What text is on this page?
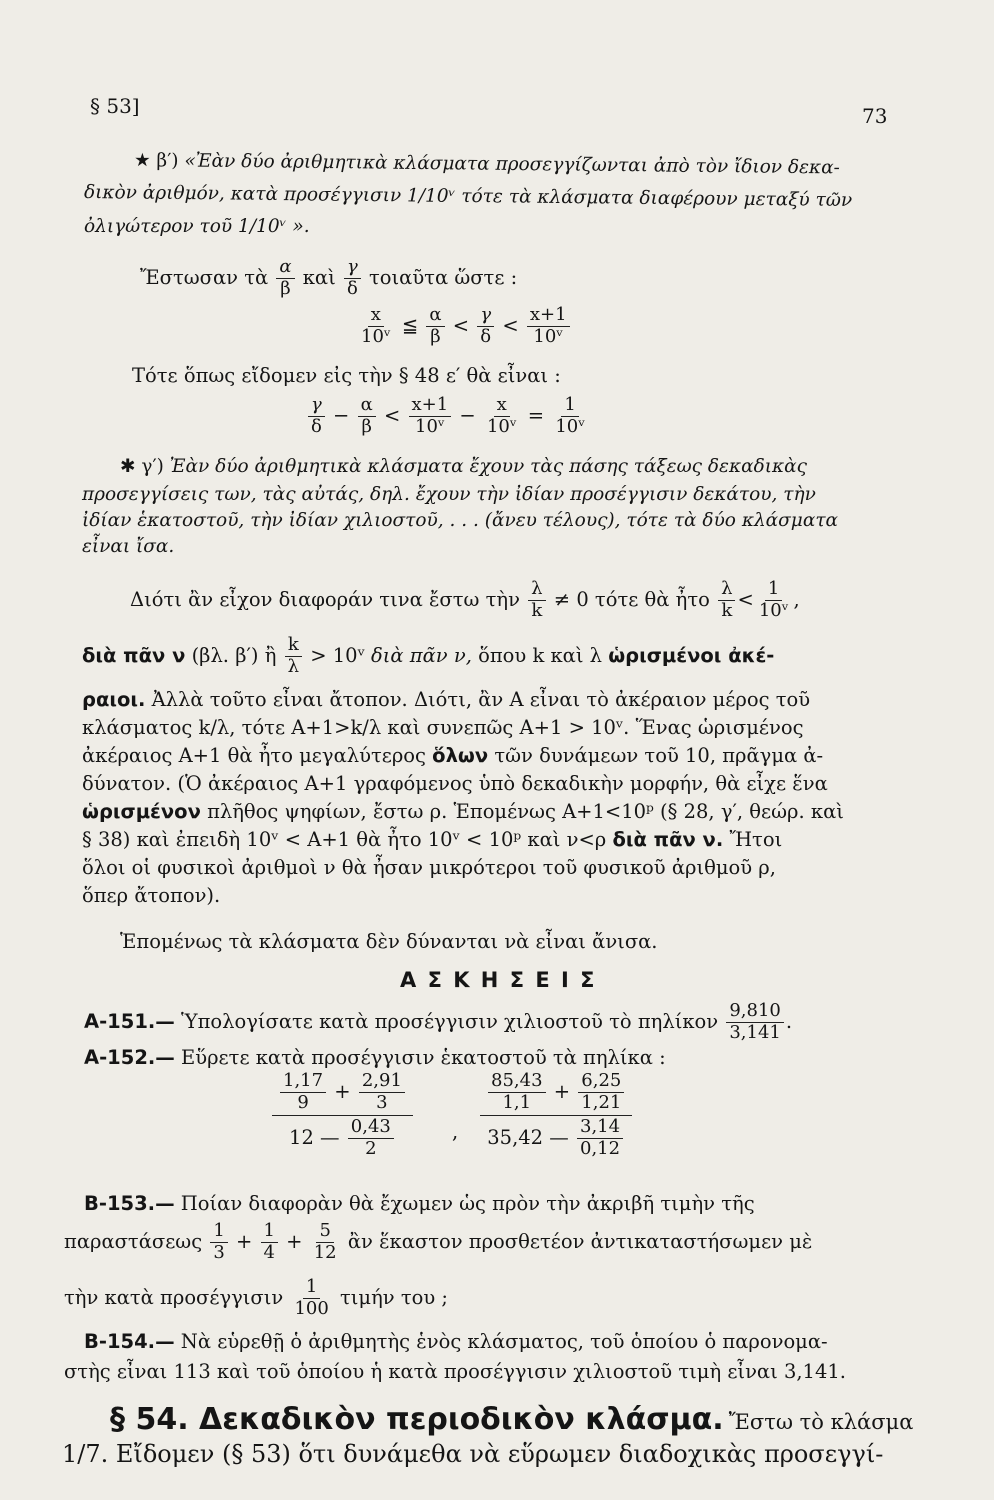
§ 53]	73
★ β′) «Ἐὰν δύο ἀριθμητικὰ κλάσματα προσεγγίζωνται ἀπὸ τὸν ἴδιον δεκα-
δικὸν ἀριθμόν, κατὰ προσέγγισιν 1/10ᵛ τότε τὰ κλάσματα διαφέρουν μεταξύ τῶν
ὀλιγώτερον τοῦ 1/10ᵛ ».
Ἔστωσαν τὰ $\frac{\alpha}{\beta}$ καὶ $\frac{\gamma}{\delta}$ τοιαῦτα ὥστε :
$\frac{x}{\text{10ᵛ}}$ ≦ $\frac{\alpha}{\beta} < \frac{\gamma}{\delta} < \frac{x+1}{\text{10ᵛ}}$
Τότε ὅπως εἴδομεν εἰς τὴν § 48 ε′ θὰ εἶναι :
$\frac{\gamma}{\delta} - \frac{\alpha}{\beta} < \frac{x+1}{\text{10ᵛ}} - \frac{x}{\text{10ᵛ}} = \frac{1}{\text{10ᵛ}}$
✱ γ′) Ἐὰν δύο ἀριθμητικὰ κλάσματα ἔχουν τὰς πάσης τάξεως δεκαδικὰς
προσεγγίσεις των, τὰς αὐτάς, δηλ. ἔχουν τὴν ἰδίαν προσέγγισιν δεκάτου, τὴν
ἰδίαν ἑκατοστοῦ, τὴν ἰδίαν χιλιοστοῦ, . . . (ἄνευ τέλους), τότε τὰ δύο κλάσματα
εἶναι ἴσα.
Διότι ἂν εἶχον διαφοράν τινα ἔστω τὴν $\frac{\lambda}{k} \ne 0$ τότε θὰ ἦτο $\frac{\lambda}{k} < \frac{1}{\text{10ᵛ}}$ ,
διὰ πᾶν ν (βλ. β′) ἢ $\frac{k}{\lambda}$ > 10ᵛ διὰ πᾶν ν, ὅπου k καὶ λ ὡρισμένοι ἀκέ-
ραιοι. Ἀλλὰ τοῦτο εἶναι ἄτοπον. Διότι, ἂν Α εἶναι τὸ ἀκέραιον μέρος τοῦ
κλάσματος k/λ, τότε Α+1>k/λ καὶ συνεπῶς Α+1 > 10ᵛ. Ἕνας ὡρισμένος
ἀκέραιος Α+1 θὰ ἦτο μεγαλύτερος ὅλων τῶν δυνάμεων τοῦ 10, πρᾶγμα ἀ-
δύνατον. (Ὁ ἀκέραιος Α+1 γραφόμενος ὑπὸ δεκαδικὴν μορφήν, θὰ εἶχε ἕνα
ὡρισμένον πλῆθος ψηφίων, ἔστω ρ. Ἑπομένως Α+1<10ᵖ (§ 28, γ′, θεώρ. καὶ
§ 38) καὶ ἐπειδὴ 10ᵛ < Α+1 θὰ ἦτο 10ᵛ < 10ᵖ καὶ ν<ρ διὰ πᾶν ν. Ἤτοι
ὅλοι οἱ φυσικοὶ ἀριθμοὶ ν θὰ ἦσαν μικρότεροι τοῦ φυσικοῦ ἀριθμοῦ ρ,
ὅπερ ἄτοπον).
Ἑπομένως τὰ κλάσματα δὲν δύνανται νὰ εἶναι ἄνισα.
Α Σ Κ Η Σ Ε Ι Σ
Α-151.— Ὑπολογίσατε κατὰ προσέγγισιν χιλιοστοῦ τὸ πηλίκον $\frac{9,810}{3,141}$ .
Α-152.— Εὕρετε κατὰ προσέγγισιν ἑκατοστοῦ τὰ πηλίκα :
$\frac{1,17}{9} + \frac{2,91}{3}$
12 — $\frac{0,43}{2}$	,
$\frac{85,43}{1,1} + \frac{6,25}{1,21}$
35,42 — $\frac{3,14}{0,12}$
Β-153.— Ποίαν διαφορὰν θὰ ἔχωμεν ὡς πρὸν τὴν ἀκριβῆ τιμὴν τῆς
παραστάσεως $\frac{1}{3} + \frac{1}{4} + \frac{5}{12}$ ἂν ἕκαστον προσθετέον ἀντικαταστήσωμεν μὲ
τὴν κατὰ προσέγγισιν $\frac{1}{100}$ τιμήν του ;
Β-154.— Νὰ εὑρεθῇ ὁ ἀριθμητὴς ἑνὸς κλάσματος, τοῦ ὁποίου ὁ παρονομα-
στὴς εἶναι 113 καὶ τοῦ ὁποίου ἡ κατὰ προσέγγισιν χιλιοστοῦ τιμὴ εἶναι 3,141.
§ 54. Δεκαδικὸν περιοδικὸν κλάσμα. Ἔστω τὸ κλάσμα
1/7. Εἴδομεν (§ 53) ὅτι δυνάμεθα νὰ εὕρωμεν διαδοχικὰς προσεγγί-
